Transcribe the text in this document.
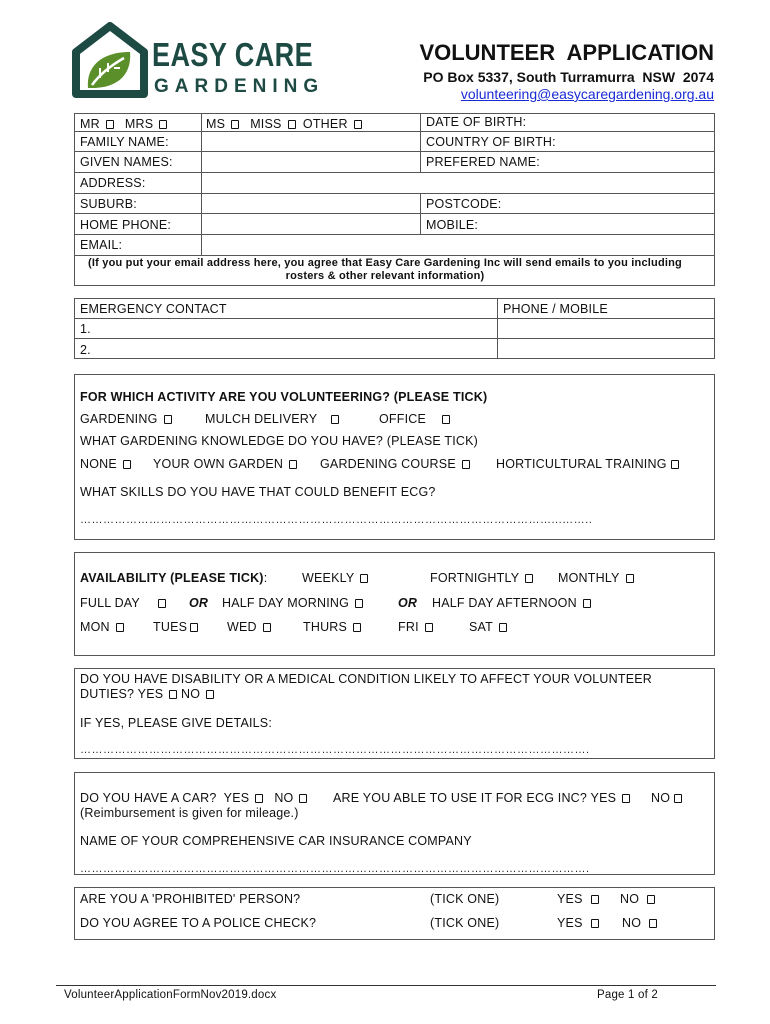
EASY CARE
GARDENING
VOLUNTEER  APPLICATION
PO Box 5337, South Turramurra  NSW  2074
volunteering@easycaregardening.org.au
MR MRS	MS MISS OTHER	DATE OF BIRTH:
FAMILY NAME:	COUNTRY OF BIRTH:
GIVEN NAMES:	PREFERED NAME:
ADDRESS:
SUBURB:	POSTCODE:
HOME PHONE:	MOBILE:
EMAIL:
(If you put your email address here, you agree that Easy Care Gardening Inc will send emails to you including
rosters & other relevant information)
EMERGENCY CONTACT	PHONE / MOBILE
1.
2.
FOR WHICH ACTIVITY ARE YOU VOLUNTEERING? (PLEASE TICK)
GARDENING	MULCH DELIVERY	OFFICE
WHAT GARDENING KNOWLEDGE DO YOU HAVE? (PLEASE TICK)
NONE	YOUR OWN GARDEN	GARDENING COURSE	HORTICULTURAL TRAINING
WHAT SKILLS DO YOU HAVE THAT COULD BENEFIT ECG?
……………………………………………………………………………………………………………...……..
AVAILABILITY (PLEASE TICK):	WEEKLY	FORTNIGHTLY	MONTHLY
FULL DAY	OR HALF DAY MORNING	OR HALF DAY AFTERNOON
MON	TUES	WED	THURS	FRI	SAT
DO YOU HAVE DISABILITY OR A MEDICAL CONDITION LIKELY TO AFFECT YOUR VOLUNTEER
DUTIES? YES NO
IF YES, PLEASE GIVE DETAILS:
…………………………………………………………………………………………………………………….
DO YOU HAVE A CAR? YES NO	ARE YOU ABLE TO USE IT FOR ECG INC? YES	NO
(Reimbursement is given for mileage.)
NAME OF YOUR COMPREHENSIVE CAR INSURANCE COMPANY
…………………………………………………………………………………………………………………….
ARE YOU A 'PROHIBITED' PERSON?	(TICK ONE)	YES	NO
DO YOU AGREE TO A POLICE CHECK?	(TICK ONE)	YES	NO
VolunteerApplicationFormNov2019.docx	Page 1 of 2
